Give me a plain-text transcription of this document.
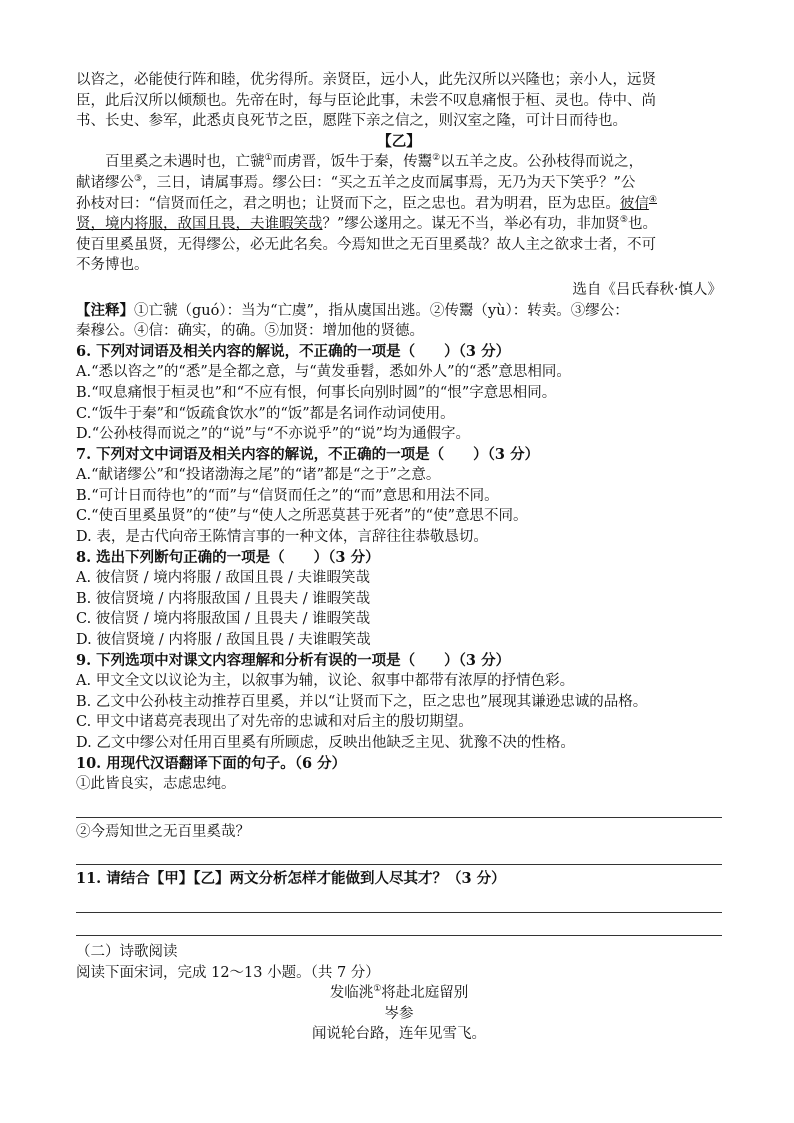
以咨之，必能使行阵和睦，优劣得所。亲贤臣，远小人，此先汉所以兴隆也；亲小人，远贤

臣，此后汉所以倾颓也。先帝在时，每与臣论此事，未尝不叹息痛恨于桓、灵也。侍中、尚

书、长史、参军，此悉贞良死节之臣，愿陛下亲之信之，则汉室之隆，可计日而待也。

【乙】

百里奚之未遇时也，亡虢①而虏晋，饭牛于秦，传鬻②以五羊之皮。公孙枝得而说之，

献诸缪公③，三日，请属事焉。缪公曰：“买之五羊之皮而属事焉，无乃为天下笑乎？”公

孙枝对曰：“信贤而任之，君之明也；让贤而下之，臣之忠也。君为明君，臣为忠臣。彼信④

贤，境内将服，敌国且畏，夫谁暇笑哉？”缪公遂用之。谋无不当，举必有功，非加贤⑤也。

使百里奚虽贤，无得缪公，必无此名矣。今焉知世之无百里奚哉？故人主之欲求士者，不可

不务博也。

选自《吕氏春秋·慎人》

【注释】①亡虢（guó）：当为“亡虞”，指从虞国出逃。②传鬻（yù）：转卖。③缪公：

秦穆公。④信：确实，的确。⑤加贤：增加他的贤德。

6. 下列对词语及相关内容的解说，不正确的一项是（　　）（3 分）

A.“悉以咨之”的“悉”是全都之意，与“黄发垂髫，悉如外人”的“悉”意思相同。

B.“叹息痛恨于桓灵也”和“不应有恨，何事长向别时圆”的“恨”字意思相同。

C.“饭牛于秦”和“饭疏食饮水”的“饭”都是名词作动词使用。

D.“公孙枝得而说之”的“说”与“不亦说乎”的“说”均为通假字。

7. 下列对文中词语及相关内容的解说，不正确的一项是（　　）（3 分）

A.“献诸缪公”和“投诸渤海之尾”的“诸”都是“之于”之意。

B.“可计日而待也”的“而”与“信贤而任之”的“而”意思和用法不同。

C.“使百里奚虽贤”的“使”与“使人之所恶莫甚于死者”的“使”意思不同。

D. 表，是古代向帝王陈情言事的一种文体，言辞往往恭敬恳切。

8. 选出下列断句正确的一项是（　　）（3 分）

A. 彼信贤 / 境内将服 / 敌国且畏 / 夫谁暇笑哉

B. 彼信贤境 / 内将服敌国 / 且畏夫 / 谁暇笑哉

C. 彼信贤 / 境内将服敌国 / 且畏夫 / 谁暇笑哉

D. 彼信贤境 / 内将服 / 敌国且畏 / 夫谁暇笑哉

9. 下列选项中对课文内容理解和分析有误的一项是（　　）（3 分）

A. 甲文全文以议论为主，以叙事为辅，议论、叙事中都带有浓厚的抒情色彩。

B. 乙文中公孙枝主动推荐百里奚，并以“让贤而下之，臣之忠也”展现其谦逊忠诚的品格。

C. 甲文中诸葛亮表现出了对先帝的忠诚和对后主的殷切期望。

D. 乙文中缪公对任用百里奚有所顾虑，反映出他缺乏主见、犹豫不决的性格。

10. 用现代汉语翻译下面的句子。（6 分）

①此皆良实，志虑忠纯。

②今焉知世之无百里奚哉？

11. 请结合【甲】【乙】两文分析怎样才能做到人尽其才？（3 分）

（二）诗歌阅读

阅读下面宋词，完成 12～13 小题。（共 7 分）

发临洮①将赴北庭留别

岑参

闻说轮台路，连年见雪飞。
